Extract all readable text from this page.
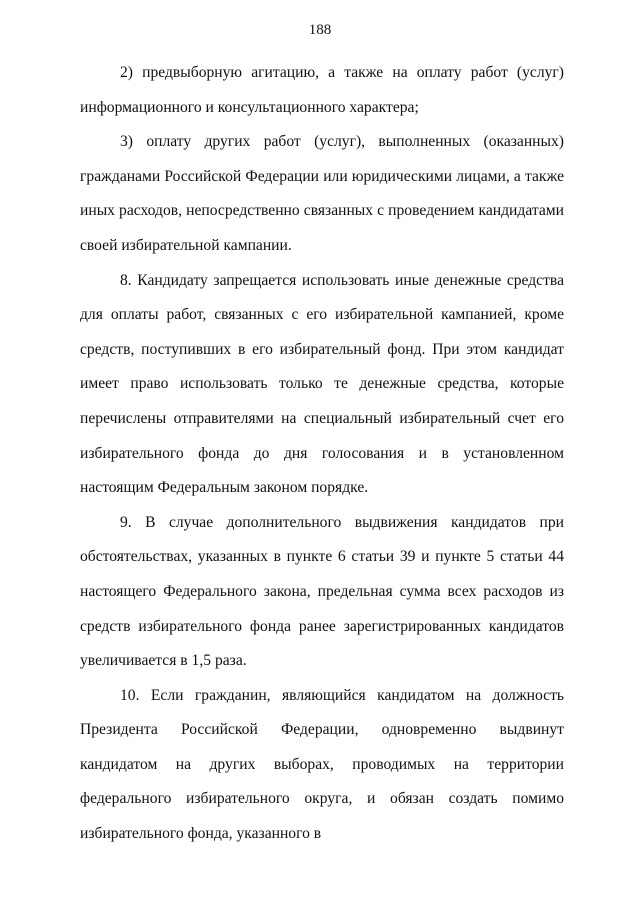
188

2) предвыборную агитацию, а также на оплату работ (услуг) информационного и консультационного характера;

3) оплату других работ (услуг), выполненных (оказанных) гражданами Российской Федерации или юридическими лицами, а также иных расходов, непосредственно связанных с проведением кандидатами своей избирательной кампании.

8. Кандидату запрещается использовать иные денежные средства для оплаты работ, связанных с его избирательной кампанией, кроме средств, поступивших в его избирательный фонд. При этом кандидат имеет право использовать только те денежные средства, которые перечислены отправителями на специальный избирательный счет его избирательного фонда до дня голосования и в установленном настоящим Федеральным законом порядке.

9. В случае дополнительного выдвижения кандидатов при обстоятельствах, указанных в пункте 6 статьи 39 и пункте 5 статьи 44 настоящего Федерального закона, предельная сумма всех расходов из средств избирательного фонда ранее зарегистрированных кандидатов увеличивается в 1,5 раза.

10. Если гражданин, являющийся кандидатом на должность Президента Российской Федерации, одновременно выдвинут кандидатом на других выборах, проводимых на территории федерального избирательного округа, и обязан создать помимо избирательного фонда, указанного в
